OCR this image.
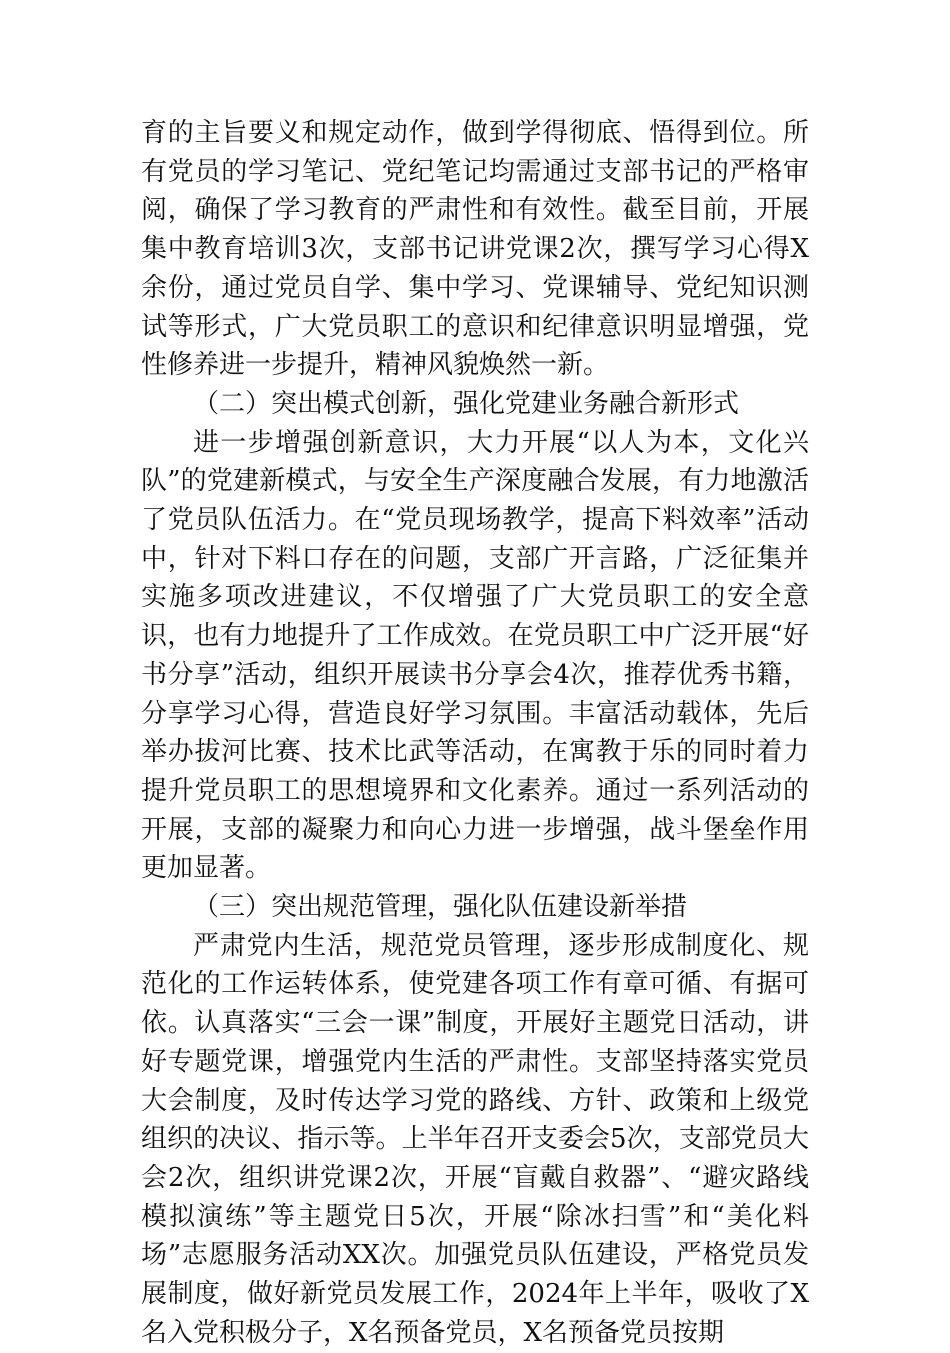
育的主旨要义和规定动作，做到学得彻底、悟得到位。所有党员的学习笔记、党纪笔记均需通过支部书记的严格审阅，确保了学习教育的严肃性和有效性。截至目前，开展集中教育培训3次，支部书记讲党课2次，撰写学习心得X余份，通过党员自学、集中学习、党课辅导、党纪知识测试等形式，广大党员职工的意识和纪律意识明显增强，党性修养进一步提升，精神风貌焕然一新。

（二）突出模式创新，强化党建业务融合新形式

进一步增强创新意识，大力开展“以人为本，文化兴队”的党建新模式，与安全生产深度融合发展，有力地激活了党员队伍活力。在“党员现场教学，提高下料效率”活动中，针对下料口存在的问题，支部广开言路，广泛征集并实施多项改进建议，不仅增强了广大党员职工的安全意识，也有力地提升了工作成效。在党员职工中广泛开展“好书分享”活动，组织开展读书分享会4次，推荐优秀书籍，分享学习心得，营造良好学习氛围。丰富活动载体，先后举办拔河比赛、技术比武等活动，在寓教于乐的同时着力提升党员职工的思想境界和文化素养。通过一系列活动的开展，支部的凝聚力和向心力进一步增强，战斗堡垒作用更加显著。

（三）突出规范管理，强化队伍建设新举措

严肃党内生活，规范党员管理，逐步形成制度化、规范化的工作运转体系，使党建各项工作有章可循、有据可依。认真落实“三会一课”制度，开展好主题党日活动，讲好专题党课，增强党内生活的严肃性。支部坚持落实党员大会制度，及时传达学习党的路线、方针、政策和上级党组织的决议、指示等。上半年召开支委会5次，支部党员大会2次，组织讲党课2次，开展“盲戴自救器”、“避灾路线模拟演练”等主题党日5次，开展“除冰扫雪”和“美化料场”志愿服务活动XX次。加强党员队伍建设，严格党员发展制度，做好新党员发展工作，2024年上半年，吸收了X名入党积极分子，X名预备党员，X名预备党员按期
